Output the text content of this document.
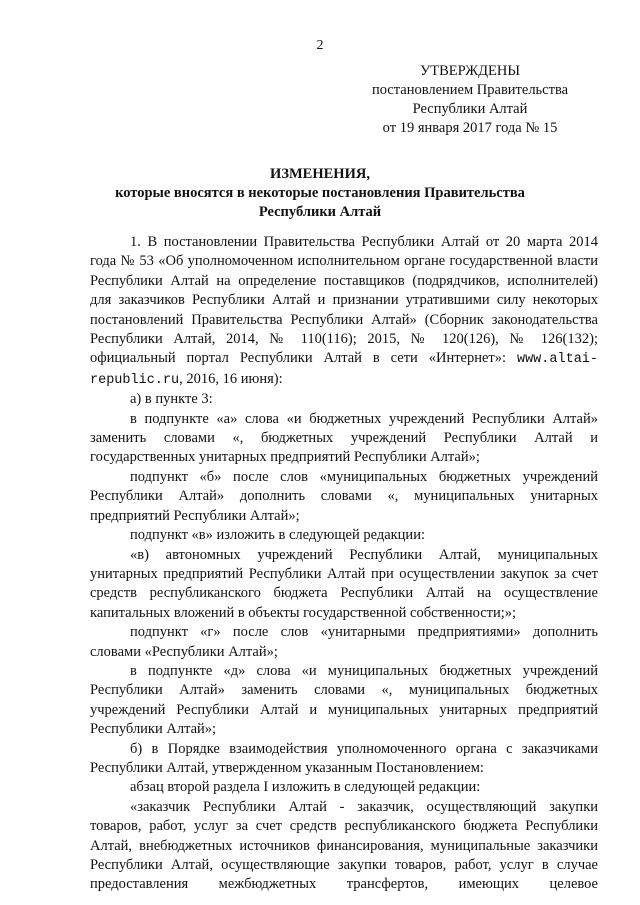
2
УТВЕРЖДЕНЫ
постановлением Правительства
Республики Алтай
от 19 января 2017 года № 15
ИЗМЕНЕНИЯ,
которые вносятся в некоторые постановления Правительства
Республики Алтай

1. В постановлении Правительства Республики Алтай от 20 марта 2014 года № 53 «Об уполномоченном исполнительном органе государственной власти Республики Алтай на определение поставщиков (подрядчиков, исполнителей) для заказчиков Республики Алтай и признании утратившими силу некоторых постановлений Правительства Республики Алтай» (Сборник законодательства Республики Алтай, 2014, № 110(116); 2015, № 120(126), № 126(132); официальный портал Республики Алтай в сети «Интернет»: www.altai-republic.ru, 2016, 16 июня):

а) в пункте 3:

в подпункте «а» слова «и бюджетных учреждений Республики Алтай» заменить словами «, бюджетных учреждений Республики Алтай и государственных унитарных предприятий Республики Алтай»;

подпункт «б» после слов «муниципальных бюджетных учреждений Республики Алтай» дополнить словами «, муниципальных унитарных предприятий Республики Алтай»;

подпункт «в» изложить в следующей редакции:

«в) автономных учреждений Республики Алтай, муниципальных унитарных предприятий Республики Алтай при осуществлении закупок за счет средств республиканского бюджета Республики Алтай на осуществление капитальных вложений в объекты государственной собственности;»;

подпункт «г» после слов «унитарными предприятиями» дополнить словами «Республики Алтай»;

в подпункте «д» слова «и муниципальных бюджетных учреждений Республики Алтай» заменить словами «, муниципальных бюджетных учреждений Республики Алтай и муниципальных унитарных предприятий Республики Алтай»;

б) в Порядке взаимодействия уполномоченного органа с заказчиками Республики Алтай, утвержденном указанным Постановлением:

абзац второй раздела I изложить в следующей редакции:

«заказчик Республики Алтай - заказчик, осуществляющий закупки товаров, работ, услуг за счет средств республиканского бюджета Республики Алтай, внебюджетных источников финансирования, муниципальные заказчики Республики Алтай, осуществляющие закупки товаров, работ, услуг в случае предоставления межбюджетных трансфертов, имеющих целевое
